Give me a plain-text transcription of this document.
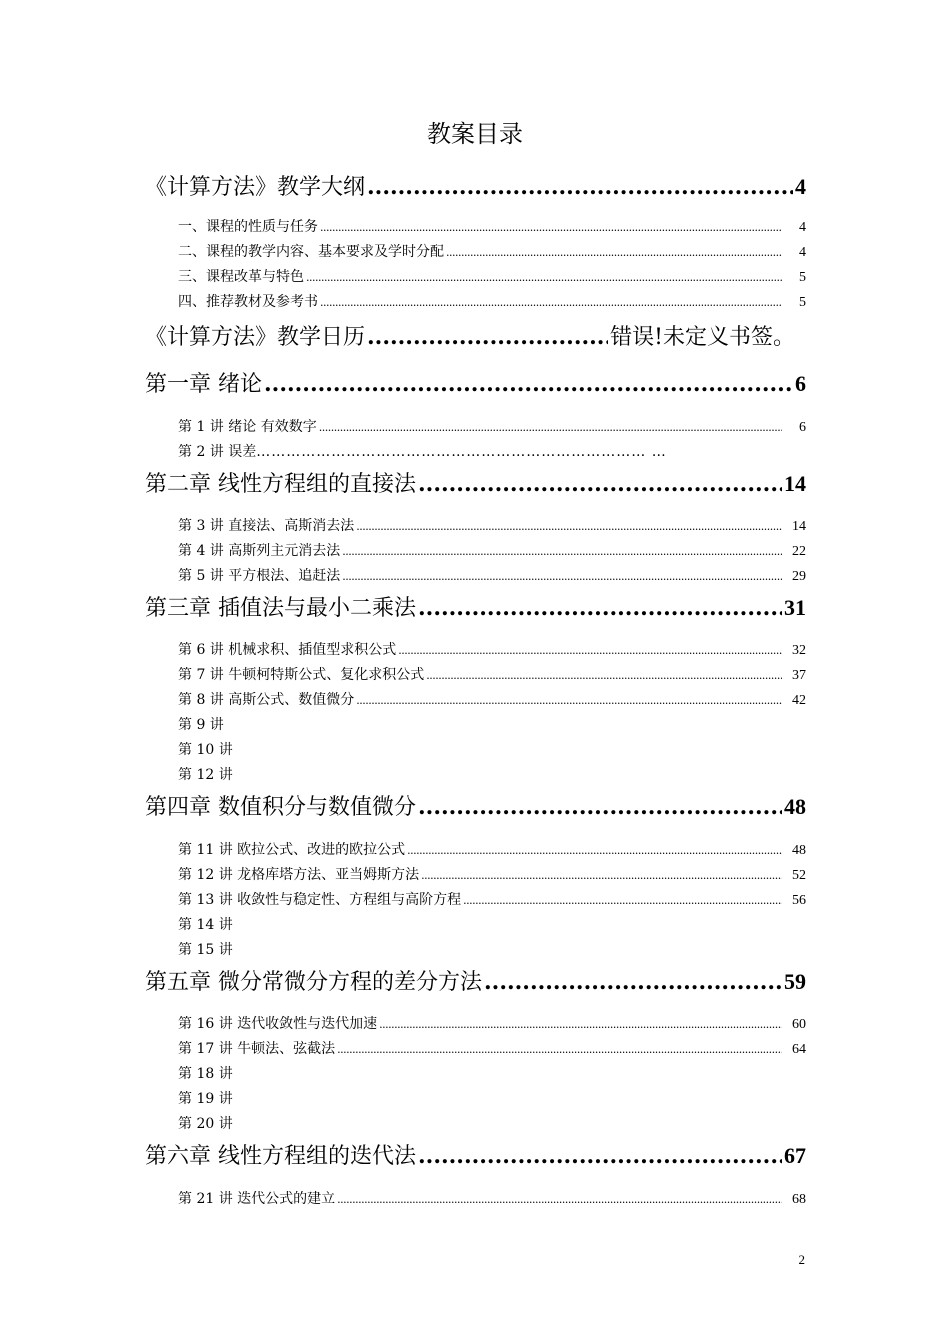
教案目录
《计算方法》教学大纲 .....	4
一、课程的性质与任务 .....	4
二、课程的教学内容、基本要求及学时分配 .....	4
三、课程改革与特色 .....	5
四、推荐教材及参考书 .....	5
《计算方法》教学日历 .....	错误!未定义书签。
第一章 绪论 .....	6
第 1 讲 绪论 有效数字 .....	6
第 2 讲 误差 …………………………………………………………………… …
第二章 线性方程组的直接法 .....	14
第 3 讲 直接法、高斯消去法 .....	14
第 4 讲 高斯列主元消去法 .....	22
第 5 讲 平方根法、追赶法 .....	29
第三章 插值法与最小二乘法 .....	31
第 6 讲 机械求积、插值型求积公式 .....	32
第 7 讲 牛顿柯特斯公式、复化求积公式 .....	37
第 8 讲 高斯公式、数值微分 .....	42
第 9 讲
第 10 讲
第 12 讲
第四章 数值积分与数值微分 .....	48
第 11 讲 欧拉公式、改进的欧拉公式 .....	48
第 12 讲 龙格库塔方法、亚当姆斯方法 .....	52
第 13 讲 收敛性与稳定性、方程组与高阶方程 .....	56
第 14 讲
第 15 讲
第五章 微分常微分方程的差分方法 .....	59
第 16 讲 迭代收敛性与迭代加速 .....	60
第 17 讲 牛顿法、弦截法 .....	64
第 18 讲
第 19 讲
第 20 讲
第六章 线性方程组的迭代法 .....	67
第 21 讲 迭代公式的建立 .....	68
2
